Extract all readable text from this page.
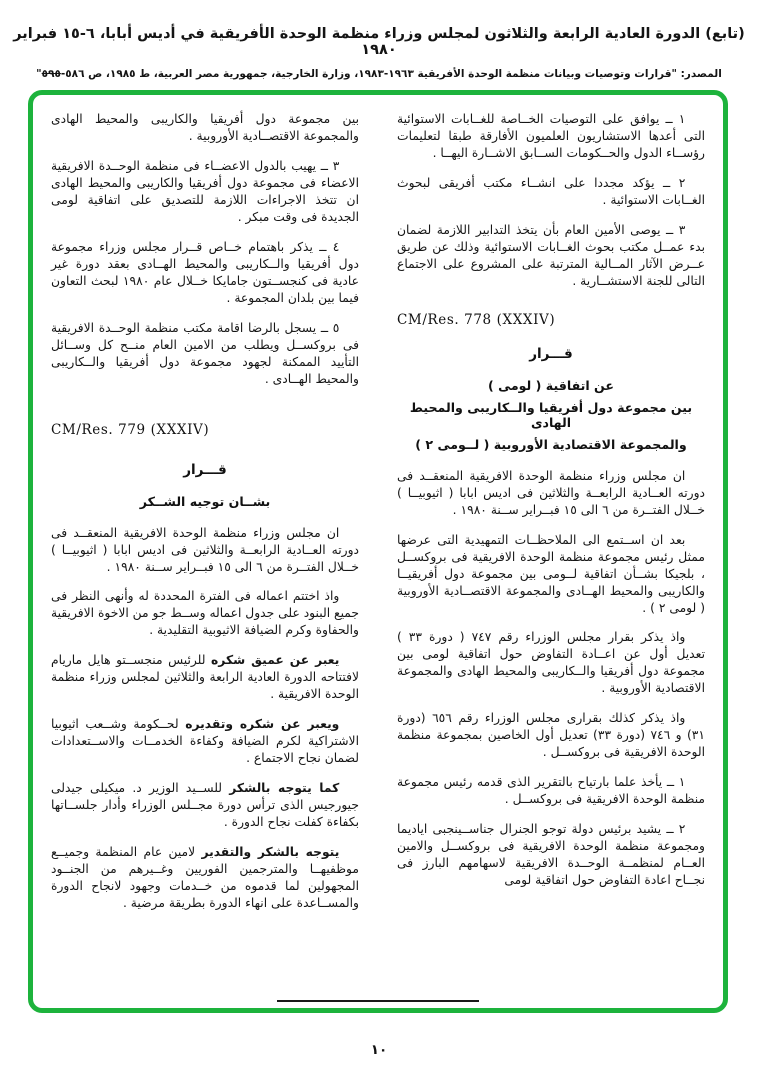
(تابع) الدورة العادية الرابعة والثلاثون لمجلس وزراء منظمة الوحدة الأفريقية في أديس أبابا، ٦-١٥ فبراير ١٩٨٠
المصدر: "قرارات وتوصيات وبيانات منظمة الوحدة الأفريقية ١٩٦٣-١٩٨٣، وزارة الخارجية، جمهورية مصر العربية، ط ١٩٨٥، ص ٥٨٦-٥٩٥"

١ ــ يوافق على التوصيات الخــاصة للغــابات الاستوائية التى أعدها الاستشاريون العلميون الأفارقة طبقا لتعليمات رؤســاء الدول والحــكومات الســابق الاشــارة اليهــا .

٢ ــ يؤكد مجددا على انشــاء مكتب أفريقى لبحوث الغــابات الاستوائية .

٣ ــ يوصى الأمين العام بأن يتخذ التدابير اللازمة لضمان بدء عمــل مكتب بحوث الغــابات الاستوائية وذلك عن طريق عــرض الآثار المــالية المترتبة على المشروع على الاجتماع التالى للجنة الاستشــارية .

CM/Res. 778 (XXXIV)
قـــرار
عن اتفاقية ( لومى )
بين مجموعة دول أفريقيا والــكاريبى والمحيط الهادى
والمجموعة الاقتصادية الأوروبية ( لــومى ٢ )

ان مجلس وزراء منظمة الوحدة الافريقية المنعقــد فى دورته العــادية الرابعــة والثلاثين فى اديس ابابا ( اثيوبيــا ) خــلال الفتــرة من ٦ الى ١٥ فبــراير ســنة ١٩٨٠ .

بعد ان اســتمع الى الملاحظــات التمهيدية التى عرضها ممثل رئيس مجموعة منظمة الوحدة الافريقية فى بروكســل ، بلجيكا بشــأن اتفاقية لــومى بين مجموعة دول أفريقيــا والكاريبى والمحيط الهــادى والمجموعة الاقتصــادية الأوروبية ( لومى ٢ ) .

واذ يذكر بقرار مجلس الوزراء رقم ٧٤٧ ( دورة ٣٣ ) تعديل أول عن اعــادة التفاوض حول اتفاقية لومى بين مجموعة دول أفريقيا والــكاريبى والمحيط الهادى والمجموعة الاقتصادية الأوروبية .

واذ يذكر كذلك بقرارى مجلس الوزراء رقم ٦٥٦ (دورة ٣١) و ٧٤٦ (دورة ٣٣) تعديل أول الخاصين بمجموعة منظمة الوحدة الافريقية فى بروكســل .

١ ــ يأخذ علما بارتياح بالتقرير الذى قدمه رئيس مجموعة منظمة الوحدة الافريقية فى بروكســل .

٢ ــ يشيد برئيس دولة توجو الجنرال جناســينجبى اياديما ومجموعة منظمة الوحدة الافريقية فى بروكســل والامين العــام لمنظمــة الوحــدة الافريقية لاسهامهم البارز فى نجــاح اعادة التفاوض حول اتفاقية لومى

بين مجموعة دول أفريقيا والكاريبى والمحيط الهادى والمجموعة الاقتصــادية الأوروبية .

٣ ــ يهيب بالدول الاعضــاء فى منظمة الوحــدة الافريقية الاعضاء فى مجموعة دول أفريقيا والكاريبى والمحيط الهادى ان تتخذ الاجراءات اللازمة للتصديق على اتفاقية لومى الجديدة فى وقت مبكر .

٤ ــ يذكر باهتمام خــاص قــرار مجلس وزراء مجموعة دول أفريقيا والــكاريبى والمحيط الهــادى بعقد دورة غير عادية فى كنجســتون جامايكا خــلال عام ١٩٨٠ لبحث التعاون فيما بين بلدان المجموعة .

٥ ــ يسجل بالرضا اقامة مكتب منظمة الوحــدة الافريقية فى بروكســل ويطلب من الامين العام منــح كل وســائل التأييد الممكنة لجهود مجموعة دول أفريقيا والــكاريبى والمحيط الهــادى .

CM/Res. 779 (XXXIV)
قـــرار
بشــان توجيه الشــكر

ان مجلس وزراء منظمة الوحدة الافريقية المنعقــد فى دورته العــادية الرابعــة والثلاثين فى اديس ابابا ( اثيوبيــا ) خــلال الفتــرة من ٦ الى ١٥ فبــراير ســنة ١٩٨٠ .

واذ اختتم اعماله فى الفترة المحددة له وأنهى النظر فى جميع البنود على جدول اعماله وســط جو من الاخوة الافريقية والحفاوة وكرم الضيافة الاثيوبية التقليدية .

يعبر عن عميق شكره للرئيس منجســتو هايل ماريام لافتتاحه الدورة العادية الرابعة والثلاثين لمجلس وزراء منظمة الوحدة الافريقية .

ويعبر عن شكره وتقديره لحــكومة وشــعب اثيوبيا الاشتراكية لكرم الضيافة وكفاءة الخدمــات والاســتعدادات لضمان نجاح الاجتماع .

كما يتوجه بالشكر للســيد الوزير د. ميكيلى جيدلى جيورجيس الذى ترأس دورة مجــلس الوزراء وأدار جلســاتها بكفاءة كفلت نجاح الدورة .

يتوجه بالشكر والتقدير لامين عام المنظمة وجميــع موظفيهــا والمترجمين الفوريين وغــيرهم من الجنــود المجهولين لما قدموه من خــدمات وجهود لانجاح الدورة والمســاعدة على انهاء الدورة بطريقة مرضية .

١٠
